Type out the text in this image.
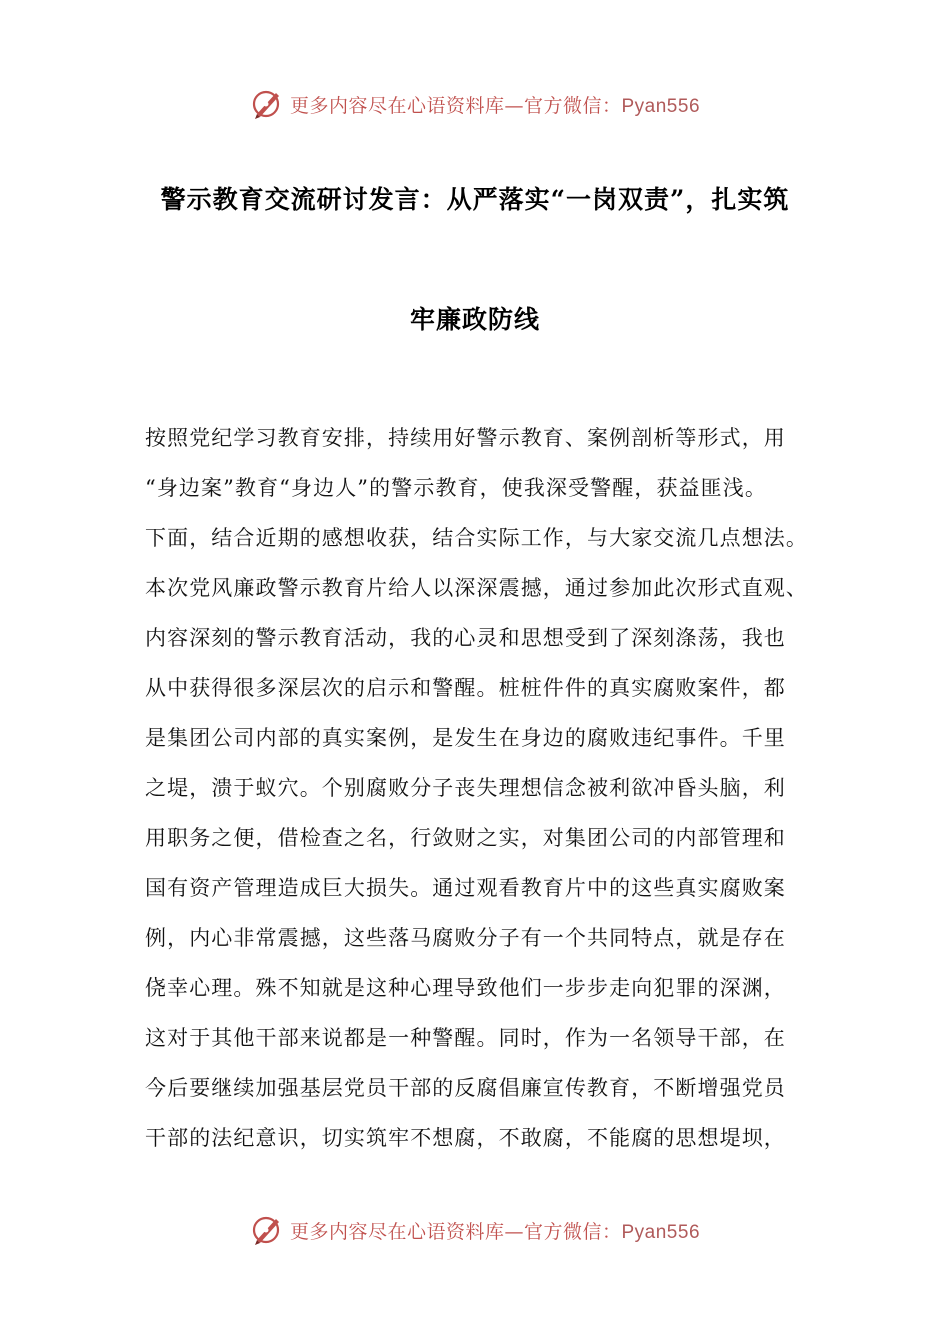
更多内容尽在心语资料库—官方微信：Pyan556
警示教育交流研讨发言：从严落实“一岗双责”，扎实筑
牢廉政防线
按照党纪学习教育安排，持续用好警示教育、案例剖析等形式，用
“身边案”教育“身边人”的警示教育，使我深受警醒，获益匪浅。
下面，结合近期的感想收获，结合实际工作，与大家交流几点想法。
本次党风廉政警示教育片给人以深深震撼，通过参加此次形式直观、
内容深刻的警示教育活动，我的心灵和思想受到了深刻涤荡，我也
从中获得很多深层次的启示和警醒。桩桩件件的真实腐败案件，都
是集团公司内部的真实案例，是发生在身边的腐败违纪事件。千里
之堤，溃于蚁穴。个别腐败分子丧失理想信念被利欲冲昏头脑，利
用职务之便，借检查之名，行敛财之实，对集团公司的内部管理和
国有资产管理造成巨大损失。通过观看教育片中的这些真实腐败案
例，内心非常震撼，这些落马腐败分子有一个共同特点，就是存在
侥幸心理。殊不知就是这种心理导致他们一步步走向犯罪的深渊，
这对于其他干部来说都是一种警醒。同时，作为一名领导干部，在
今后要继续加强基层党员干部的反腐倡廉宣传教育，不断增强党员
干部的法纪意识，切实筑牢不想腐，不敢腐，不能腐的思想堤坝，
更多内容尽在心语资料库—官方微信：Pyan556
